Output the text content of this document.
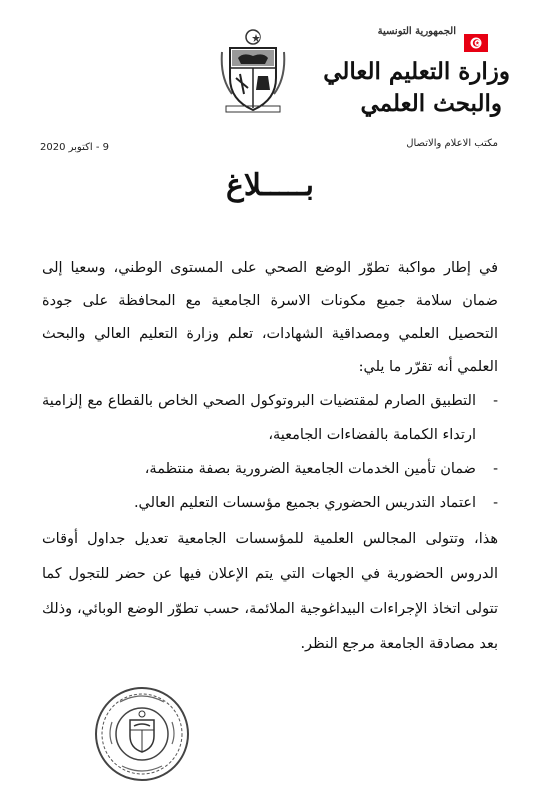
الجمهورية التونسية
وزارة التعليم العالي
والبحث العلمي
مكتب الاعلام والاتصال
9 - اكتوبر 2020
بـــــلاغ

في إطار مواكبة تطوّر الوضع الصحي على المستوى الوطني، وسعيا إلى ضمان سلامة جميع مكونات الاسرة الجامعية مع المحافظة على جودة التحصيل العلمي ومصداقية الشهادات، تعلم وزارة التعليم العالي والبحث العلمي أنه تقرّر ما يلي:

-
التطبيق الصارم لمقتضيات البروتوكول الصحي الخاص بالقطاع مع إلزامية ارتداء الكمامة بالفضاءات الجامعية،
-
ضمان تأمين الخدمات الجامعية الضرورية بصفة منتظمة،
-
اعتماد التدريس الحضوري بجميع مؤسسات التعليم العالي.

هذا، وتتولى المجالس العلمية للمؤسسات الجامعية تعديل جداول أوقات الدروس الحضورية في الجهات التي يتم الإعلان فيها عن حضر للتجول كما تتولى اتخاذ الإجراءات البيداغوجية الملائمة، حسب تطوّر الوضع الوبائي، وذلك بعد مصادقة الجامعة مرجع النظر.
